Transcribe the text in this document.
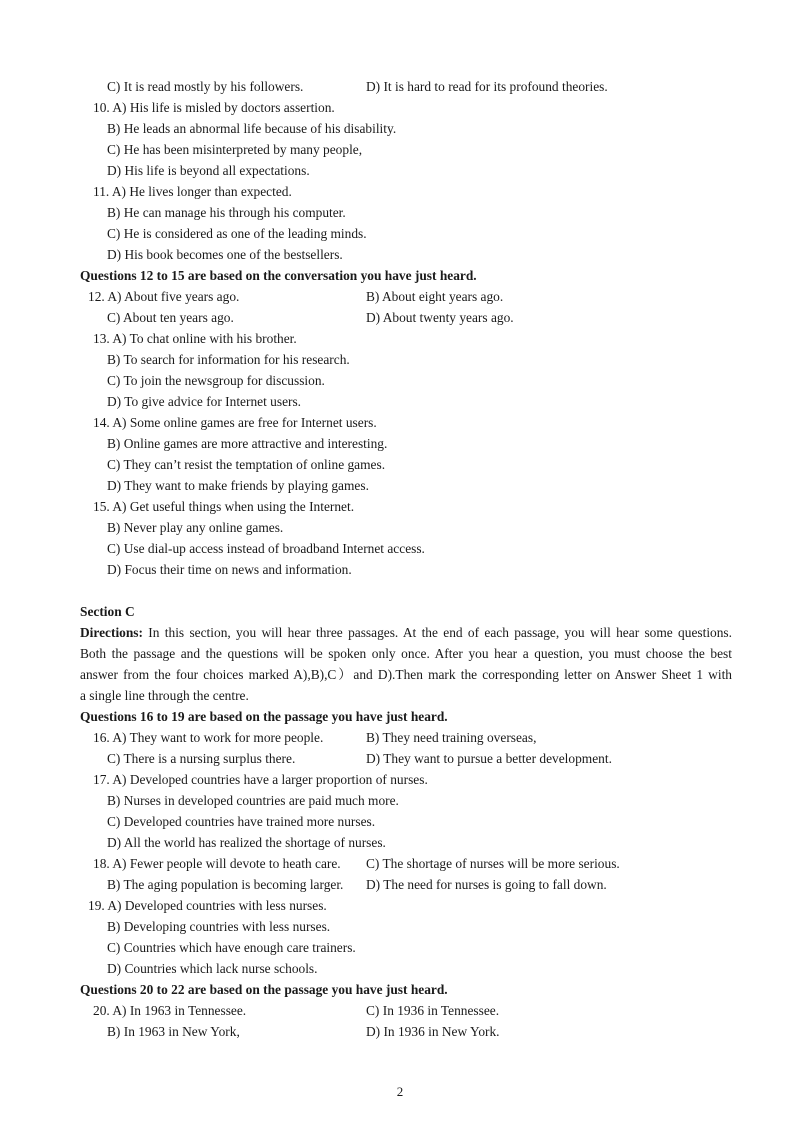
C) It is read mostly by his followers.	D) It is hard to read for its profound theories.
10. A) His life is misled by doctors assertion.
B) He leads an abnormal life because of his disability.
C) He has been misinterpreted by many people,
D) His life is beyond all expectations.
11. A) He lives longer than expected.
B) He can manage his through his computer.
C) He is considered as one of the leading minds.
D) His book becomes one of the bestsellers.
Questions 12 to 15 are based on the conversation you have just heard.
12. A) About five years ago.	B) About eight years ago.
C) About ten years ago.	D) About twenty years ago.
13. A) To chat online with his brother.
B) To search for information for his research.
C) To join the newsgroup for discussion.
D) To give advice for Internet users.
14. A) Some online games are free for Internet users.
B) Online games are more attractive and interesting.
C) They can’t resist the temptation of online games.
D) They want to make friends by playing games.
15. A) Get useful things when using the Internet.
B) Never play any online games.
C) Use dial-up access instead of broadband Internet access.
D) Focus their time on news and information.
Section C
Directions: In this section, you will hear three passages. At the end of each passage, you will hear some questions.
Both the passage and the questions will be spoken only once. After you hear a question, you must choose the best
answer from the four choices marked A),B),C）and D).Then mark the corresponding letter on Answer Sheet 1 with
a single line through the centre.
Questions 16 to 19 are based on the passage you have just heard.
16. A) They want to work for more people.	B) They need training overseas,
C) There is a nursing surplus there.	D) They want to pursue a better development.
17. A) Developed countries have a larger proportion of nurses.
B) Nurses in developed countries are paid much more.
C) Developed countries have trained more nurses.
D) All the world has realized the shortage of nurses.
18. A) Fewer people will devote to heath care. C) The shortage of nurses will be more serious.
B) The aging population is becoming larger. D) The need for nurses is going to fall down.
19. A) Developed countries with less nurses.
B) Developing countries with less nurses.
C) Countries which have enough care trainers.
D) Countries which lack nurse schools.
Questions 20 to 22 are based on the passage you have just heard.
20. A) In 1963 in Tennessee.	C) In 1936 in Tennessee.
B) In 1963 in New York,	D) In 1936 in New York.
2
